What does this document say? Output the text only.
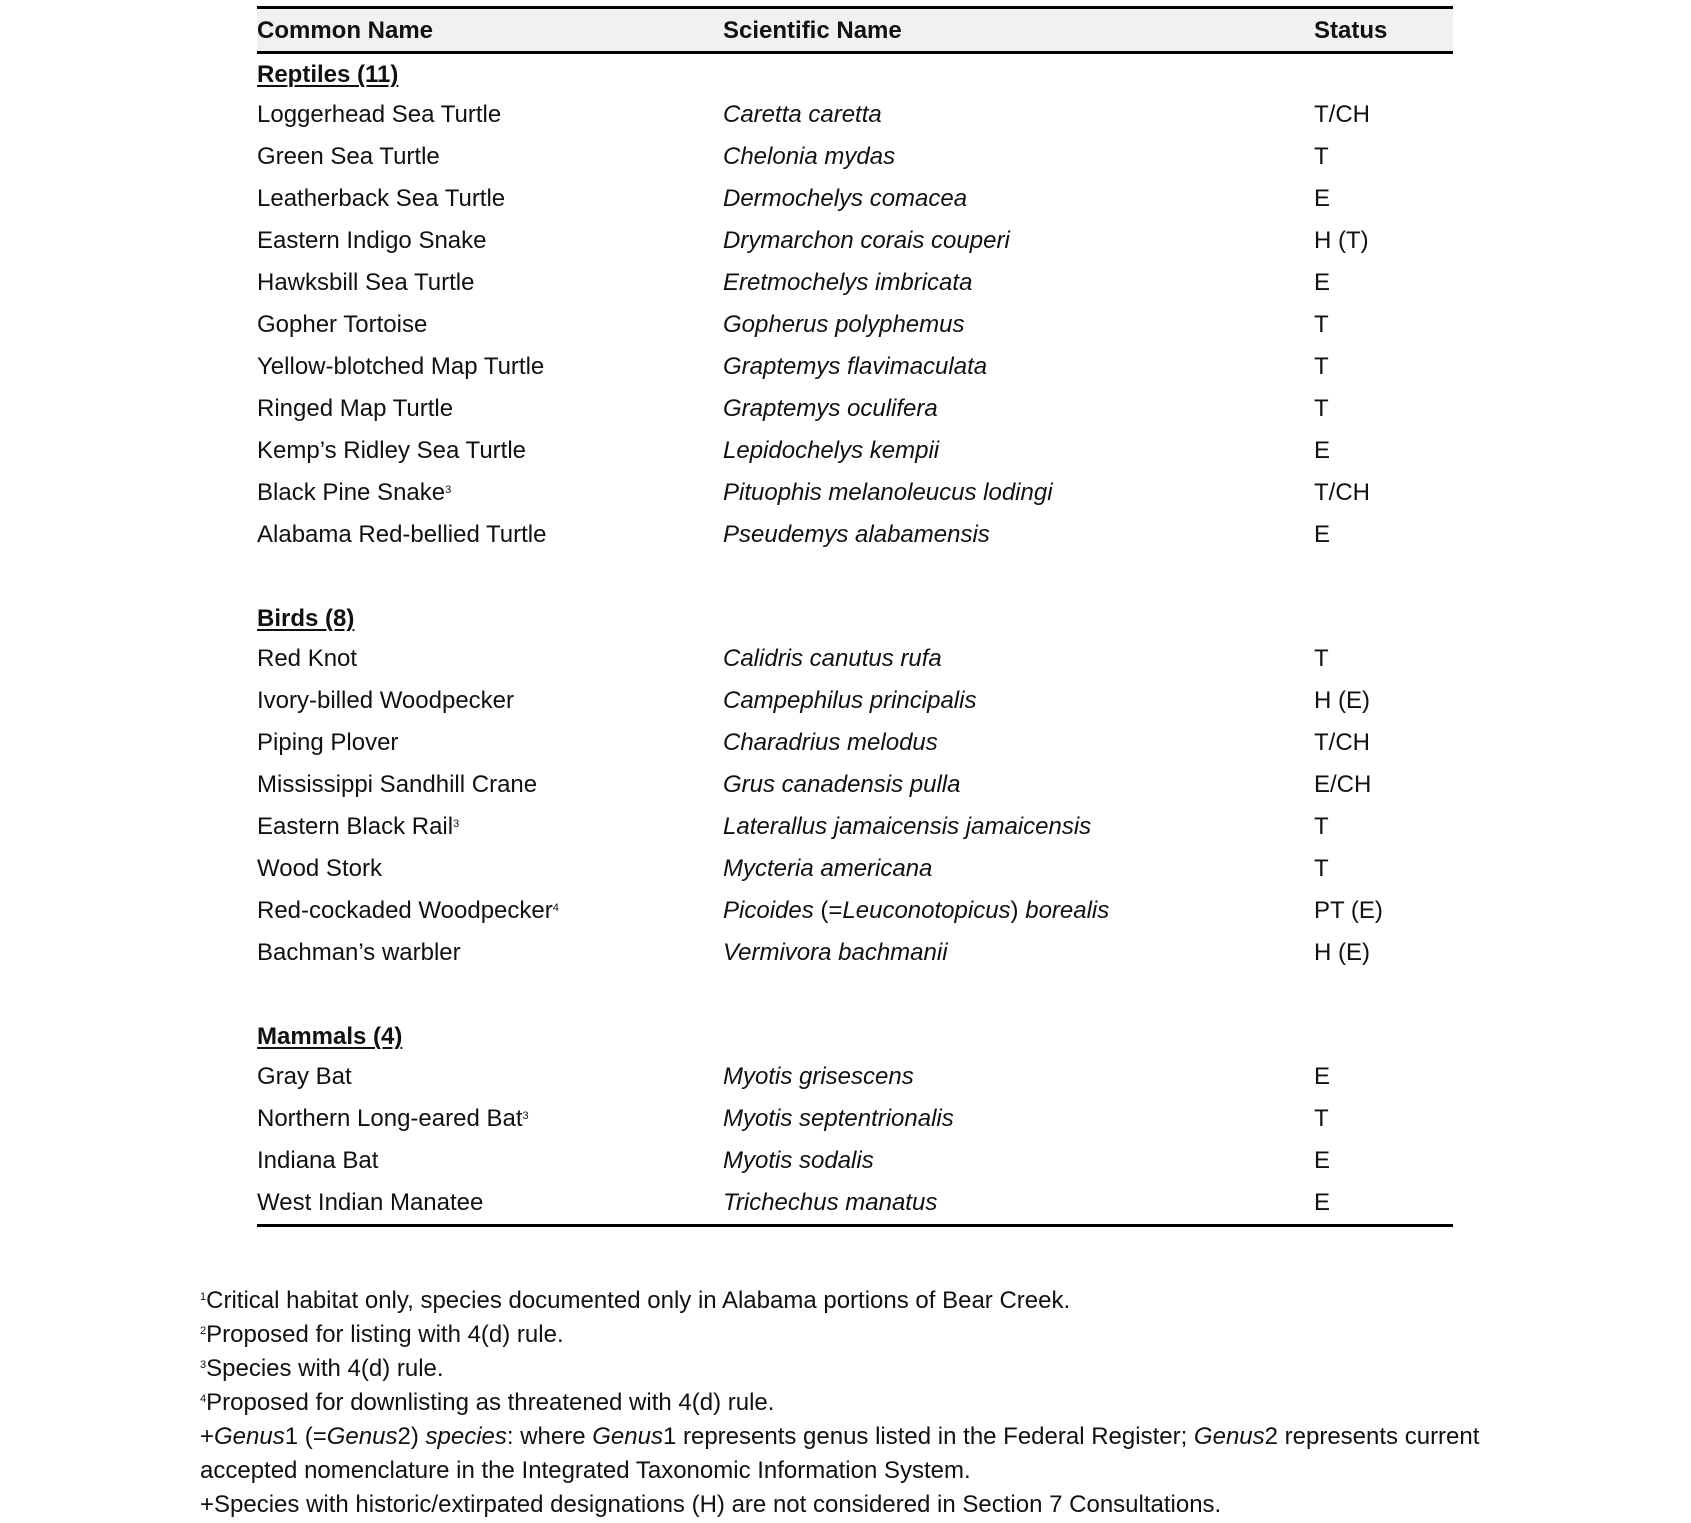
Common Name	Scientific Name	Status
Reptiles (11)
Loggerhead Sea Turtle	Caretta caretta	T/CH
Green Sea Turtle	Chelonia mydas	T
Leatherback Sea Turtle	Dermochelys comacea	E
Eastern Indigo Snake	Drymarchon corais couperi	H (T)
Hawksbill Sea Turtle	Eretmochelys imbricata	E
Gopher Tortoise	Gopherus polyphemus	T
Yellow-blotched Map Turtle	Graptemys flavimaculata	T
Ringed Map Turtle	Graptemys oculifera	T
Kemp’s Ridley Sea Turtle	Lepidochelys kempii	E
Black Pine Snake$^3$	Pituophis melanoleucus lodingi	T/CH
Alabama Red-bellied Turtle	Pseudemys alabamensis	E
Birds (8)
Red Knot	Calidris canutus rufa	T
Ivory-billed Woodpecker	Campephilus principalis	H (E)
Piping Plover	Charadrius melodus	T/CH
Mississippi Sandhill Crane	Grus canadensis pulla	E/CH
Eastern Black Rail$^3$	Laterallus jamaicensis jamaicensis	T
Wood Stork	Mycteria americana	T
Red-cockaded Woodpecker$^4$	Picoides (=Leuconotopicus) borealis	PT (E)
Bachman’s warbler	Vermivora bachmanii	H (E)
Mammals (4)
Gray Bat	Myotis grisescens	E
Northern Long-eared Bat$^3$	Myotis septentrionalis	T
Indiana Bat	Myotis sodalis	E
West Indian Manatee	Trichechus manatus	E
$^1$Critical habitat only, species documented only in Alabama portions of Bear Creek.
$^2$Proposed for listing with 4(d) rule.
$^3$Species with 4(d) rule.
$^4$Proposed for downlisting as threatened with 4(d) rule.
+Genus1 (=Genus2) species: where Genus1 represents genus listed in the Federal Register; Genus2 represents current
accepted nomenclature in the Integrated Taxonomic Information System.
+Species with historic/extirpated designations (H) are not considered in Section 7 Consultations.
